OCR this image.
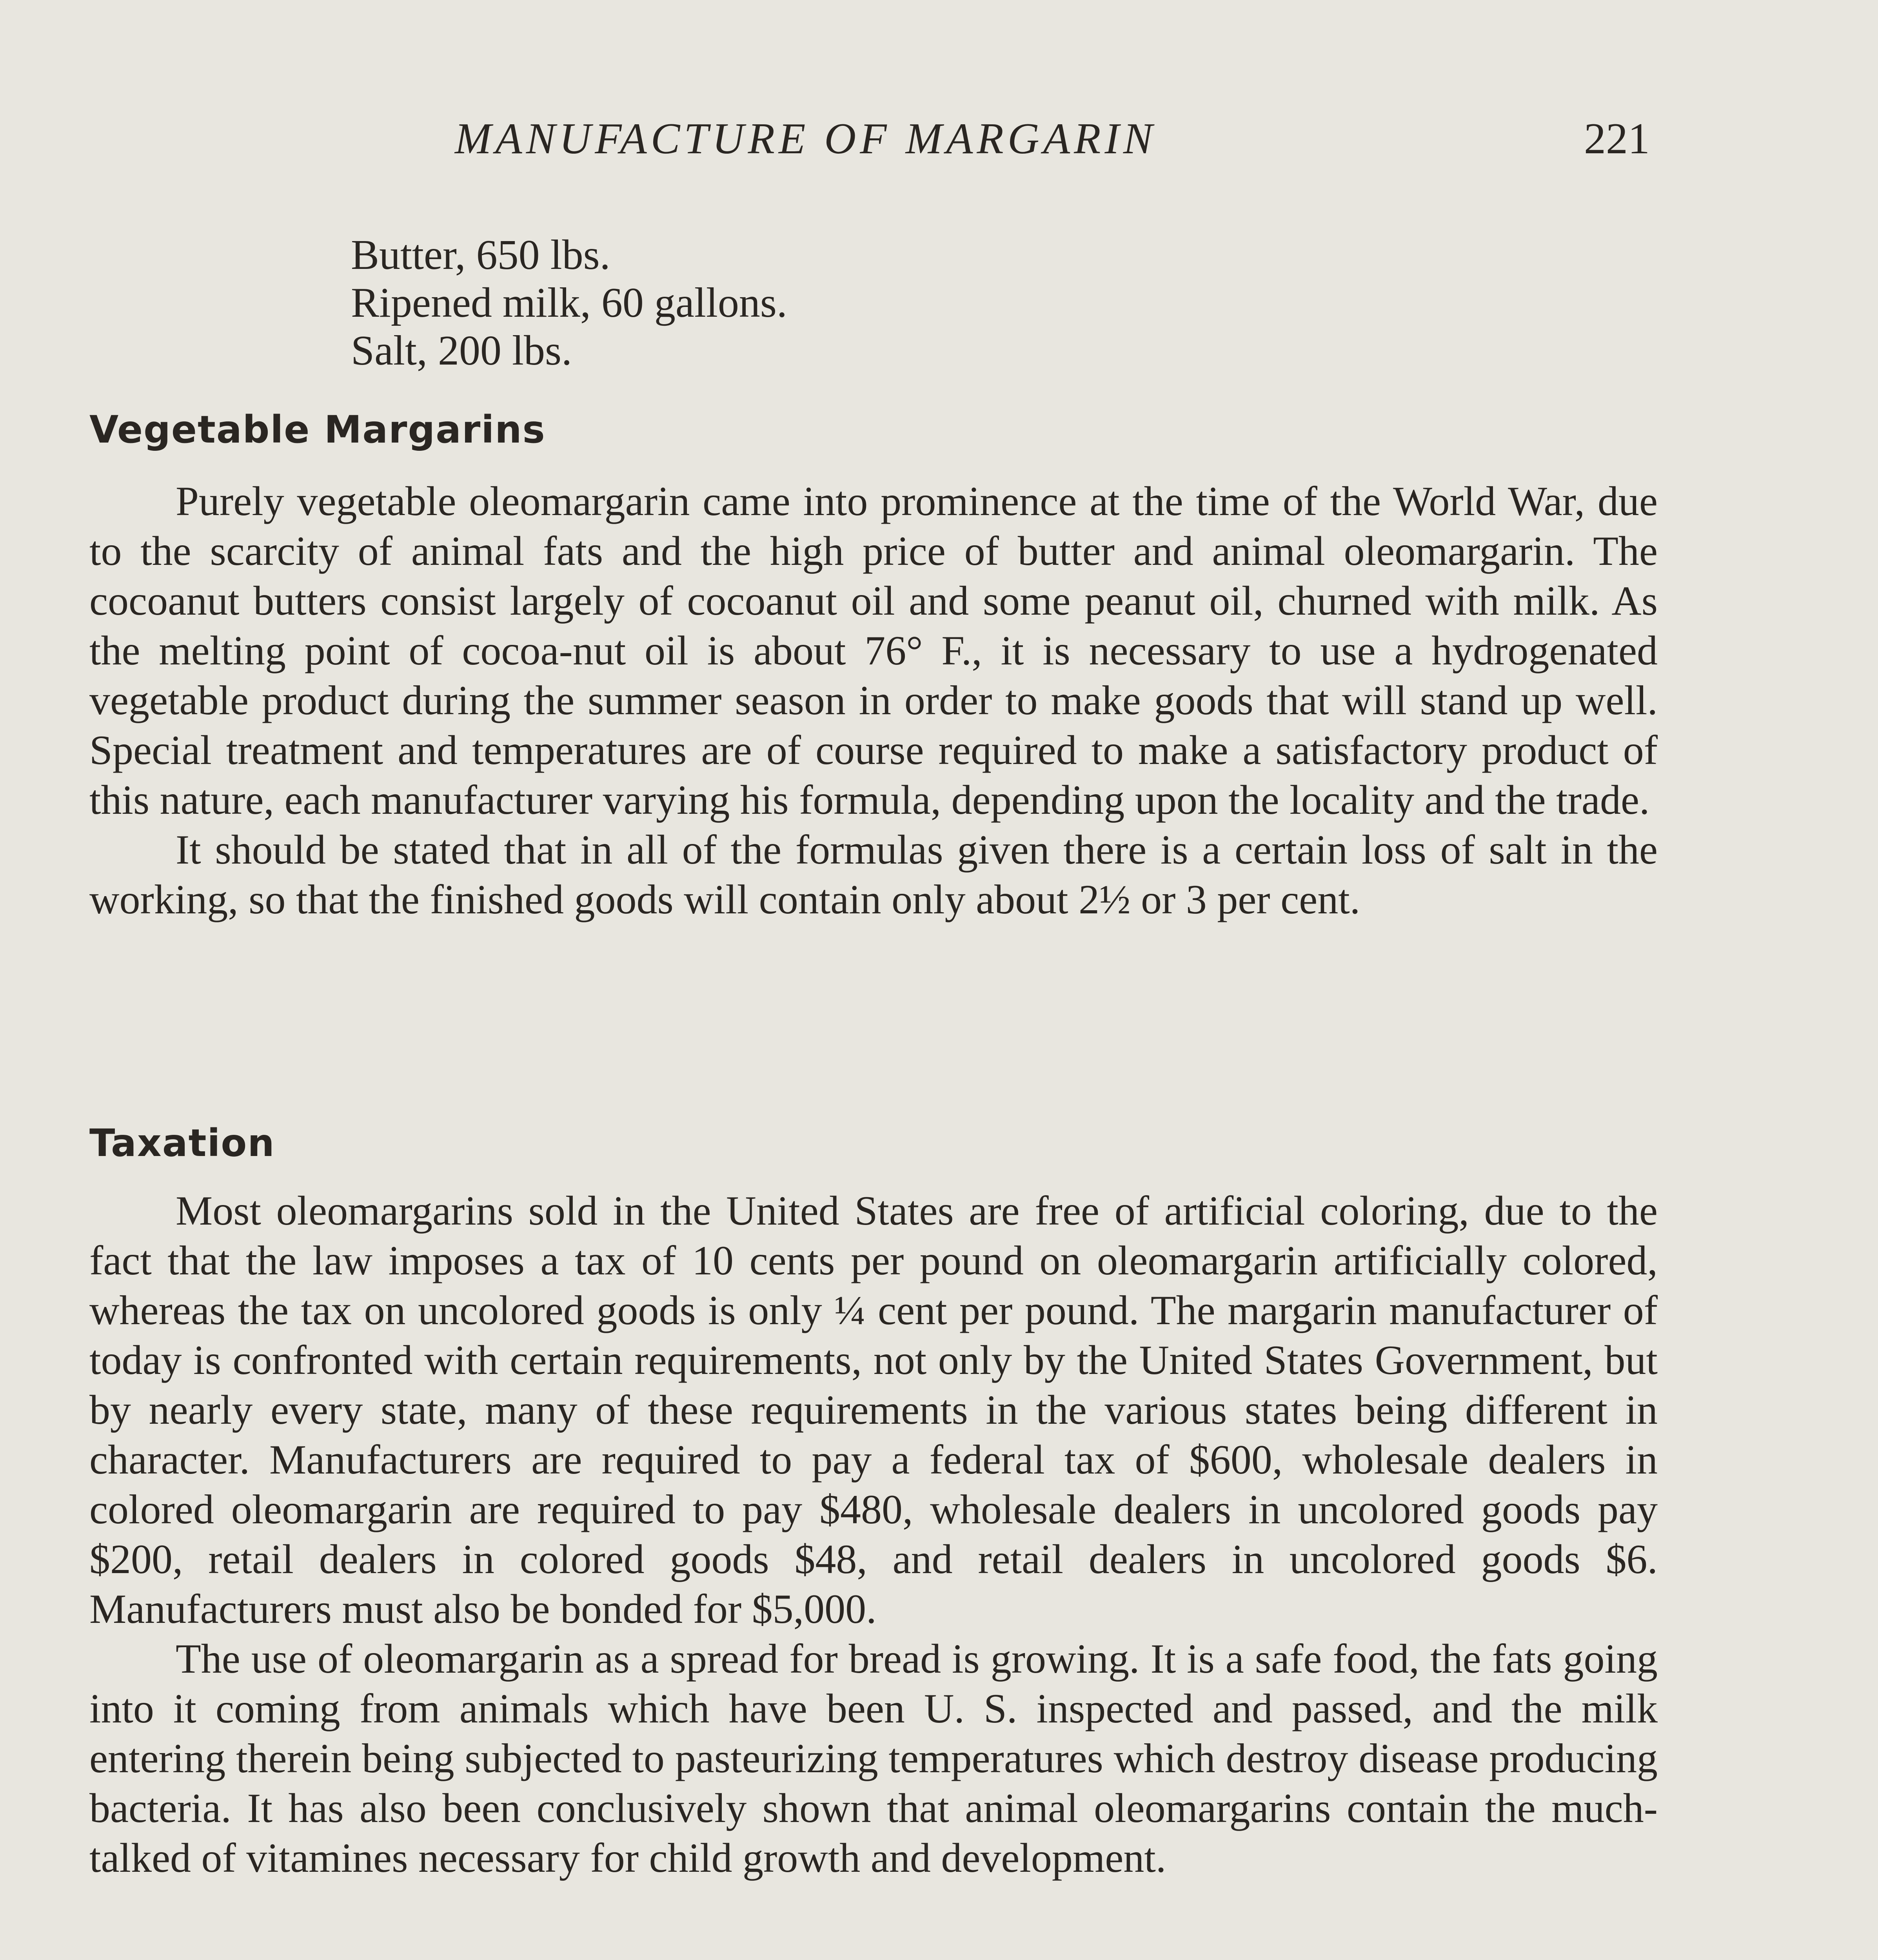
MANUFACTURE OF MARGARIN	221
Butter, 650 lbs.
Ripened milk, 60 gallons.
Salt, 200 lbs.
Vegetable Margarins

Purely vegetable oleomargarin came into prominence at the time of the World War, due to the scarcity of animal fats and the high price of butter and animal oleomargarin. The cocoanut butters consist largely of cocoanut oil and some peanut oil, churned with milk. As the melting point of cocoa-nut oil is about 76° F., it is necessary to use a hydrogenated vegetable product during the summer season in order to make goods that will stand up well. Special treatment and temperatures are of course required to make a satisfactory product of this nature, each manufacturer varying his formula, depending upon the locality and the trade.

It should be stated that in all of the formulas given there is a certain loss of salt in the working, so that the finished goods will contain only about 2½ or 3 per cent.

Taxation

Most oleomargarins sold in the United States are free of artificial coloring, due to the fact that the law imposes a tax of 10 cents per pound on oleomargarin artificially colored, whereas the tax on uncolored goods is only ¼ cent per pound. The margarin manufacturer of today is confronted with certain requirements, not only by the United States Government, but by nearly every state, many of these requirements in the various states being different in character. Manufacturers are required to pay a federal tax of $600, wholesale dealers in colored oleomargarin are required to pay $480, wholesale dealers in uncolored goods pay $200, retail dealers in colored goods $48, and retail dealers in uncolored goods $6. Manufacturers must also be bonded for $5,000.

The use of oleomargarin as a spread for bread is growing. It is a safe food, the fats going into it coming from animals which have been U. S. inspected and passed, and the milk entering therein being subjected to pasteurizing temperatures which destroy disease producing bacteria. It has also been conclusively shown that animal oleomargarins contain the much-talked of vitamines necessary for child growth and development.
